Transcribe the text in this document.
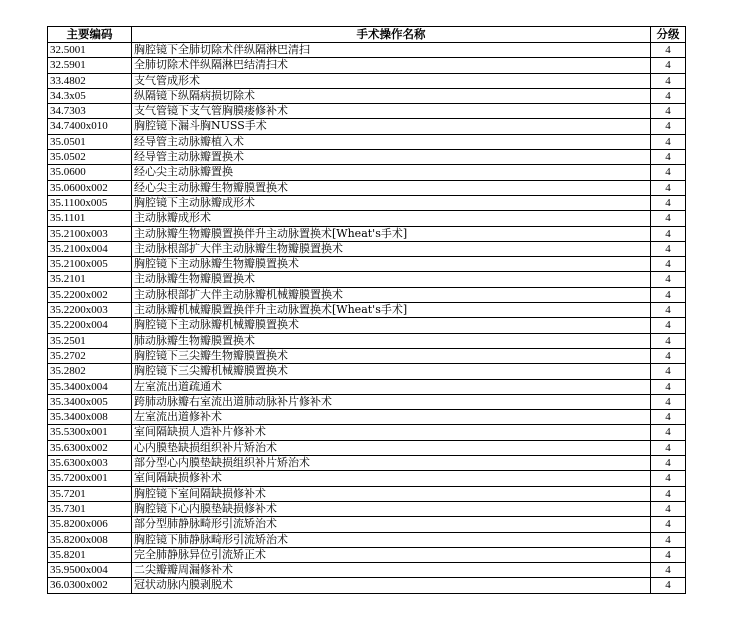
主要编码	手术操作名称	分级
32.5001	胸腔镜下全肺切除术伴纵隔淋巴清扫	4
32.5901	全肺切除术伴纵隔淋巴结清扫术	4
33.4802	支气管成形术	4
34.3x05	纵隔镜下纵隔病损切除术	4
34.7303	支气管镜下支气管胸膜瘘修补术	4
34.7400x010	胸腔镜下漏斗胸NUSS手术	4
35.0501	经导管主动脉瓣植入术	4
35.0502	经导管主动脉瓣置换术	4
35.0600	经心尖主动脉瓣置换	4
35.0600x002	经心尖主动脉瓣生物瓣膜置换术	4
35.1100x005	胸腔镜下主动脉瓣成形术	4
35.1101	主动脉瓣成形术	4
35.2100x003	主动脉瓣生物瓣膜置换伴升主动脉置换术[Wheat's手术]	4
35.2100x004	主动脉根部扩大伴主动脉瓣生物瓣膜置换术	4
35.2100x005	胸腔镜下主动脉瓣生物瓣膜置换术	4
35.2101	主动脉瓣生物瓣膜置换术	4
35.2200x002	主动脉根部扩大伴主动脉瓣机械瓣膜置换术	4
35.2200x003	主动脉瓣机械瓣膜置换伴升主动脉置换术[Wheat's手术]	4
35.2200x004	胸腔镜下主动脉瓣机械瓣膜置换术	4
35.2501	肺动脉瓣生物瓣膜置换术	4
35.2702	胸腔镜下三尖瓣生物瓣膜置换术	4
35.2802	胸腔镜下三尖瓣机械瓣膜置换术	4
35.3400x004	左室流出道疏通术	4
35.3400x005	跨肺动脉瓣右室流出道肺动脉补片修补术	4
35.3400x008	左室流出道修补术	4
35.5300x001	室间隔缺损人造补片修补术	4
35.6300x002	心内膜垫缺损组织补片矫治术	4
35.6300x003	部分型心内膜垫缺损组织补片矫治术	4
35.7200x001	室间隔缺损修补术	4
35.7201	胸腔镜下室间隔缺损修补术	4
35.7301	胸腔镜下心内膜垫缺损修补术	4
35.8200x006	部分型肺静脉畸形引流矫治术	4
35.8200x008	胸腔镜下肺静脉畸形引流矫治术	4
35.8201	完全肺静脉异位引流矫正术	4
35.9500x004	二尖瓣瓣周漏修补术	4
36.0300x002	冠状动脉内膜剥脱术	4
